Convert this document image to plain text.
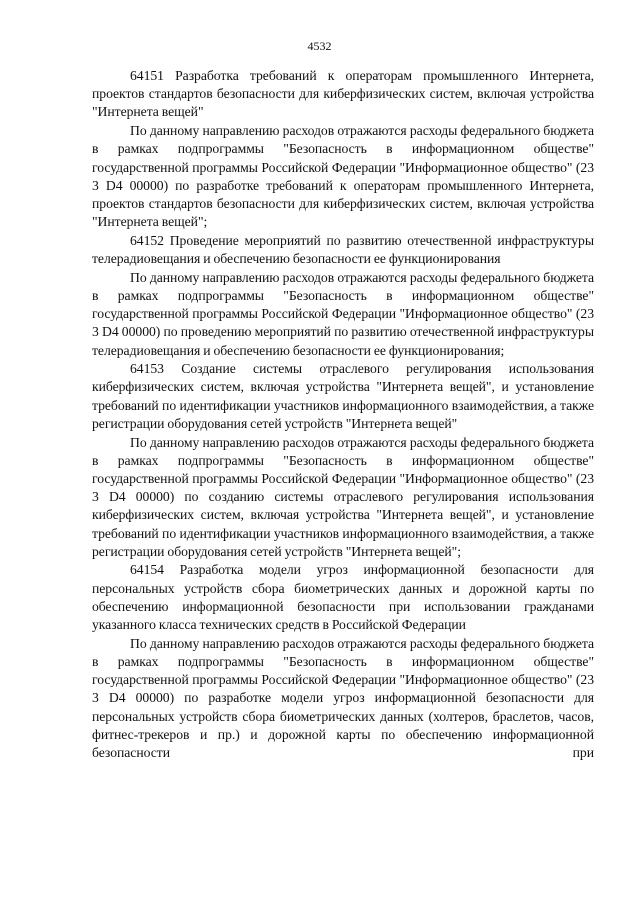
4532

64151 Разработка требований к операторам промышленного Интернета, проектов стандартов безопасности для киберфизических систем, включая устройства "Интернета вещей"

По данному направлению расходов отражаются расходы федерального бюджета в рамках подпрограммы "Безопасность в информационном обществе" государственной программы Российской Федерации "Информационное общество" (23 3 D4 00000) по разработке требований к операторам промышленного Интернета, проектов стандартов безопасности для киберфизических систем, включая устройства "Интернета вещей";

64152 Проведение мероприятий по развитию отечественной инфраструктуры телерадиовещания и обеспечению безопасности ее функционирования

По данному направлению расходов отражаются расходы федерального бюджета в рамках подпрограммы "Безопасность в информационном обществе" государственной программы Российской Федерации "Информационное общество" (23 3 D4 00000) по проведению мероприятий по развитию отечественной инфраструктуры телерадиовещания и обеспечению безопасности ее функционирования;

64153 Создание системы отраслевого регулирования использования киберфизических систем, включая устройства "Интернета вещей", и установление требований по идентификации участников информационного взаимодействия, а также регистрации оборудования сетей устройств "Интернета вещей"

По данному направлению расходов отражаются расходы федерального бюджета в рамках подпрограммы "Безопасность в информационном обществе" государственной программы Российской Федерации "Информационное общество" (23 3 D4 00000) по созданию системы отраслевого регулирования использования киберфизических систем, включая устройства "Интернета вещей", и установление требований по идентификации участников информационного взаимодействия, а также регистрации оборудования сетей устройств "Интернета вещей";

64154 Разработка модели угроз информационной безопасности для персональных устройств сбора биометрических данных и дорожной карты по обеспечению информационной безопасности при использовании гражданами указанного класса технических средств в Российской Федерации

По данному направлению расходов отражаются расходы федерального бюджета в рамках подпрограммы "Безопасность в информационном обществе" государственной программы Российской Федерации "Информационное общество" (23 3 D4 00000) по разработке модели угроз информационной безопасности для персональных устройств сбора биометрических данных (холтеров, браслетов, часов, фитнес-трекеров и пр.) и дорожной карты по обеспечению информационной безопасности при
